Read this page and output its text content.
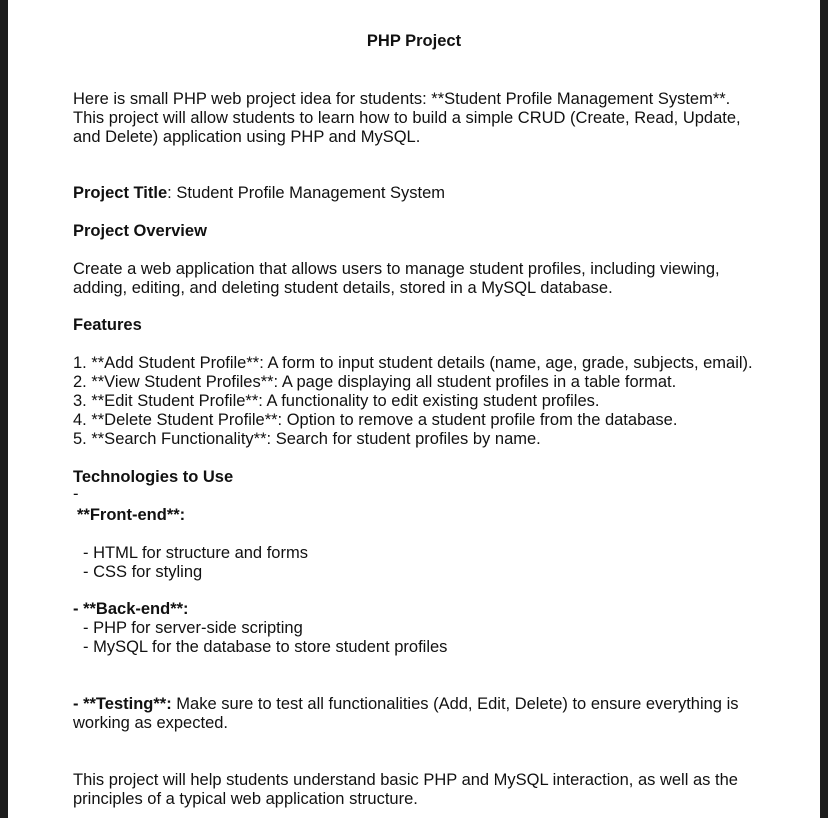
PHP Project
Here is small PHP web project idea for students: **Student Profile Management System**.
This project will allow students to learn how to build a simple CRUD (Create, Read, Update,
and Delete) application using PHP and MySQL.
Project Title: Student Profile Management System
Project Overview
Create a web application that allows users to manage student profiles, including viewing,
adding, editing, and deleting student details, stored in a MySQL database.
Features
1. **Add Student Profile**: A form to input student details (name, age, grade, subjects, email).
2. **View Student Profiles**: A page displaying all student profiles in a table format.
3. **Edit Student Profile**: A functionality to edit existing student profiles.
4. **Delete Student Profile**: Option to remove a student profile from the database.
5. **Search Functionality**: Search for student profiles by name.
Technologies to Use
-
**Front-end**:
- HTML for structure and forms
- CSS for styling
- **Back-end**:
- PHP for server-side scripting
- MySQL for the database to store student profiles
- **Testing**: Make sure to test all functionalities (Add, Edit, Delete) to ensure everything is
working as expected.
This project will help students understand basic PHP and MySQL interaction, as well as the
principles of a typical web application structure.
